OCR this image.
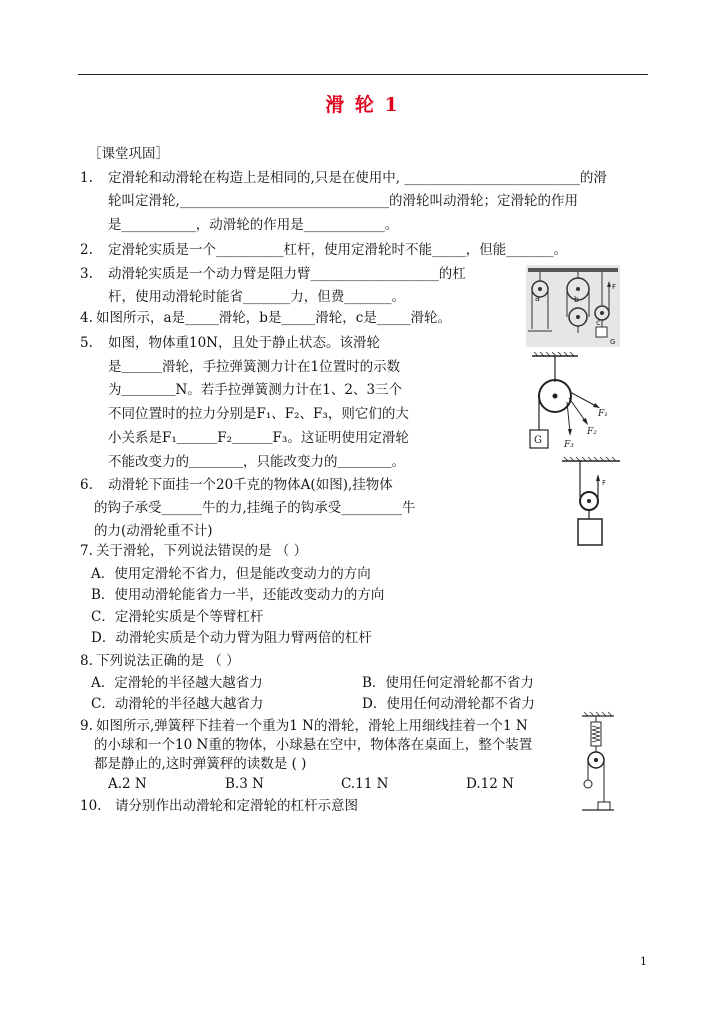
滑 轮 1
［课堂巩固］
1. 定滑轮和动滑轮在构造上是相同的,只是在使用中, __________________________的滑
轮叫定滑轮,_______________________________的滑轮叫动滑轮；定滑轮的作用
是___________，动滑轮的作用是____________。
2. 定滑轮实质是一个__________杠杆，使用定滑轮时不能_____，但能_______。
3. 动滑轮实质是一个动力臂是阻力臂___________________的杠
杆，使用动滑轮时能省_______力，但费_______。
4. 如图所示，a是_____滑轮，b是_____滑轮，c是_____滑轮。
5. 如图，物体重10N，且处于静止状态。该滑轮
是＿＿＿滑轮，手拉弹簧测力计在1位置时的示数
为＿＿＿＿N。若手拉弹簧测力计在1、2、3三个
不同位置时的拉力分别是F₁、F₂、F₃，则它们的大
小关系是F₁＿＿＿F₂＿＿＿F₃。这证明使用定滑轮
不能改变力的＿＿＿＿，只能改变力的＿＿＿＿。
6. 动滑轮下面挂一个20千克的物体A(如图),挂物体
的钩子承受______牛的力,挂绳子的钩承受_________牛
的力(动滑轮重不计)
7. 关于滑轮，下列说法错误的是 （ ）
A．使用定滑轮不省力，但是能改变动力的方向
B．使用动滑轮能省力一半，还能改变动力的方向
C．定滑轮实质是个等臂杠杆
D．动滑轮实质是个动力臂为阻力臂两倍的杠杆
8. 下列说法正确的是 （ ）
A．定滑轮的半径越大越省力	B．使用任何定滑轮都不省力
C．动滑轮的半径越大越省力	D．使用任何动滑轮都不省力
9. 如图所示,弹簧秤下挂着一个重为1 N的滑轮，滑轮上用细线挂着一个1 N
的小球和一个10 N重的物体，小球悬在空中，物体落在桌面上，整个装置
都是静止的,这时弹簧秤的读数是 ( )
A.2 N	B.3 N	C.11 N	D.12 N
10. 请分别作出动滑轮和定滑轮的杠杆示意图
a	b
c
F
G
G
F₁
F₂
F₃
F
1
